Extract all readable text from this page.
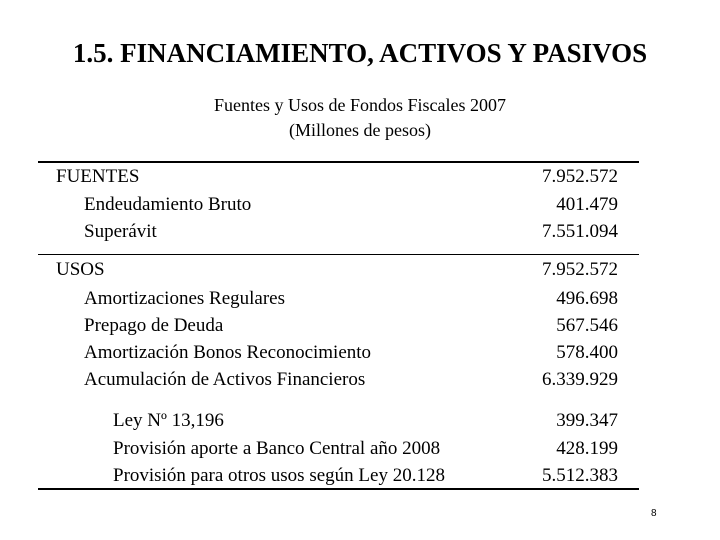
1.5. FINANCIAMIENTO, ACTIVOS Y PASIVOS
Fuentes y Usos de Fondos Fiscales 2007
(Millones de pesos)
FUENTES	7.952.572
Endeudamiento Bruto	401.479
Superávit	7.551.094
USOS	7.952.572
Amortizaciones Regulares	496.698
Prepago de Deuda	567.546
Amortización Bonos Reconocimiento	578.400
Acumulación de Activos Financieros	6.339.929
Ley Nº 13,196	399.347
Provisión aporte a Banco Central año 2008	428.199
Provisión para otros usos según Ley 20.128	5.512.383
8
